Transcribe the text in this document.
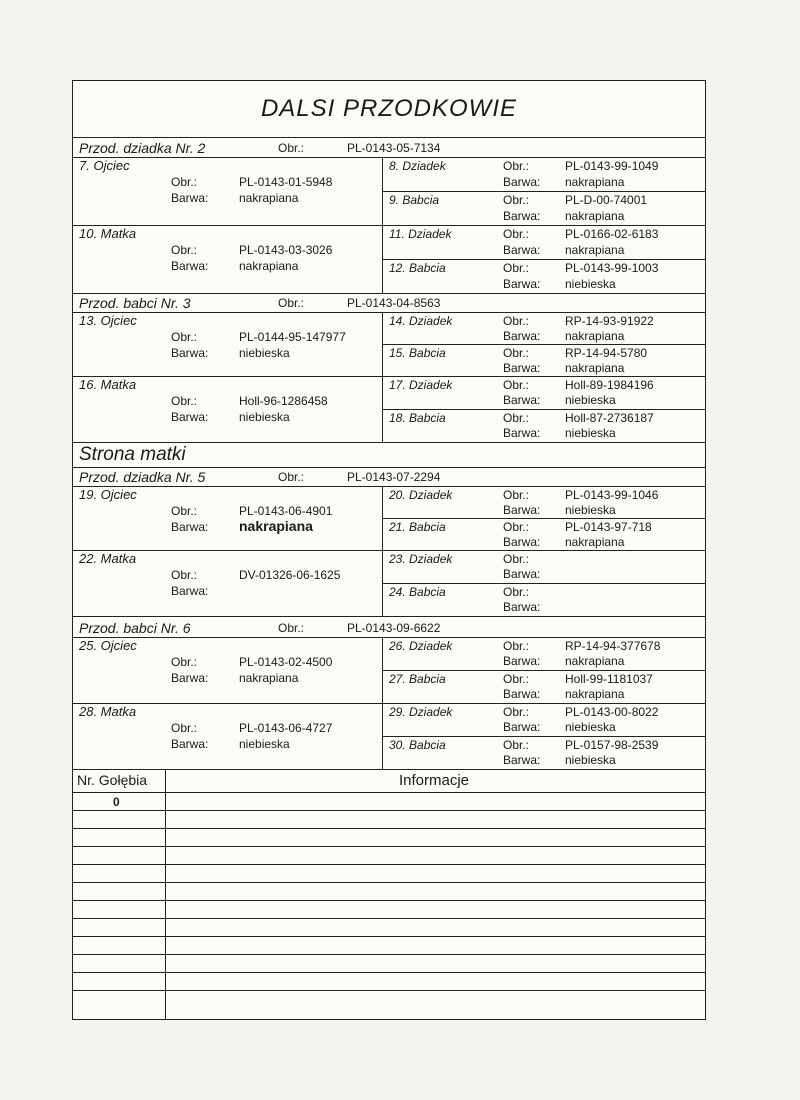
DALSI PRZODKOWIE
Przod. dziadka Nr. 2	Obr.:	PL-0143-05-7134
7. Ojciec
Obr.:	PL-0143-01-5948
Barwa:	nakrapiana
8. Dziadek	Obr.:	PL-0143-99-1049
Barwa: nakrapiana
9. Babcia	Obr.:	PL-D-00-74001
Barwa: nakrapiana
10. Matka
Obr.:	PL-0143-03-3026
Barwa:	nakrapiana
11. Dziadek	Obr.:	PL-0166-02-6183
Barwa: nakrapiana
12. Babcia	Obr.:	PL-0143-99-1003
Barwa: niebieska
Przod. babci Nr. 3	Obr.:	PL-0143-04-8563
13. Ojciec
Obr.:	PL-0144-95-147977
Barwa:	niebieska
14. Dziadek	Obr.:	RP-14-93-91922
Barwa: nakrapiana
15. Babcia	Obr.:	RP-14-94-5780
Barwa: nakrapiana
16. Matka
Obr.:	Holl-96-1286458
Barwa:	niebieska
17. Dziadek	Obr.:	Holl-89-1984196
Barwa: niebieska
18. Babcia	Obr.:	Holl-87-2736187
Barwa: niebieska
Strona matki
Przod. dziadka Nr. 5	Obr.:	PL-0143-07-2294
19. Ojciec
Obr.:	PL-0143-06-4901
Barwa: nakrapiana
20. Dziadek	Obr.:	PL-0143-99-1046
Barwa: niebieska
21. Babcia	Obr.:	PL-0143-97-718
Barwa: nakrapiana
22. Matka
Obr.:	DV-01326-06-1625
Barwa:
23. Dziadek	Obr.:
Barwa:
24. Babcia	Obr.:
Barwa:
Przod. babci Nr. 6	Obr.:	PL-0143-09-6622
25. Ojciec
Obr.:	PL-0143-02-4500
Barwa:	nakrapiana
26. Dziadek	Obr.:	RP-14-94-377678
Barwa: nakrapiana
27. Babcia	Obr.:	Holl-99-1181037
Barwa: nakrapiana
28. Matka
Obr.:	PL-0143-06-4727
Barwa:	niebieska
29. Dziadek	Obr.:	PL-0143-00-8022
Barwa: niebieska
30. Babcia	Obr.:	PL-0157-98-2539
Barwa: niebieska
Nr. Gołębia	Informacje
0
